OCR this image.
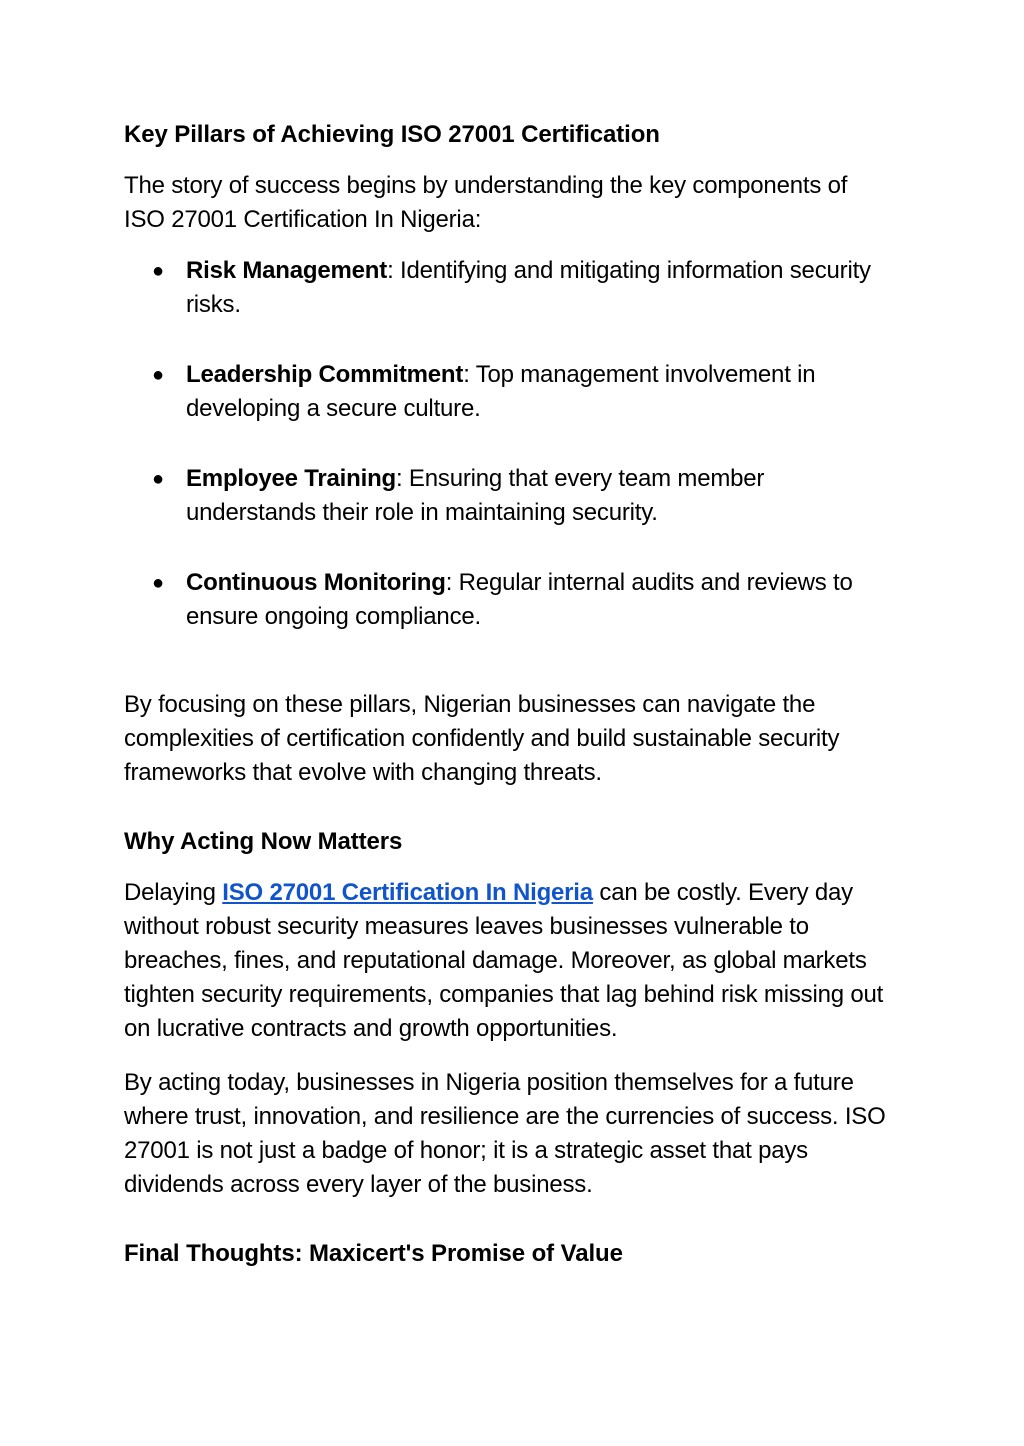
Key Pillars of Achieving ISO 27001 Certification

The story of success begins by understanding the key components of ISO 27001 Certification In Nigeria:

● Risk Management: Identifying and mitigating information security risks.
● Leadership Commitment: Top management involvement in developing a secure culture.
● Employee Training: Ensuring that every team member understands their role in maintaining security.
● Continuous Monitoring: Regular internal audits and reviews to ensure ongoing compliance.

By focusing on these pillars, Nigerian businesses can navigate the complexities of certification confidently and build sustainable security frameworks that evolve with changing threats.

Why Acting Now Matters

Delaying ISO 27001 Certification In Nigeria can be costly. Every day without robust security measures leaves businesses vulnerable to breaches, fines, and reputational damage. Moreover, as global markets tighten security requirements, companies that lag behind risk missing out on lucrative contracts and growth opportunities.

By acting today, businesses in Nigeria position themselves for a future where trust, innovation, and resilience are the currencies of success. ISO 27001 is not just a badge of honor; it is a strategic asset that pays dividends across every layer of the business.

Final Thoughts: Maxicert's Promise of Value
